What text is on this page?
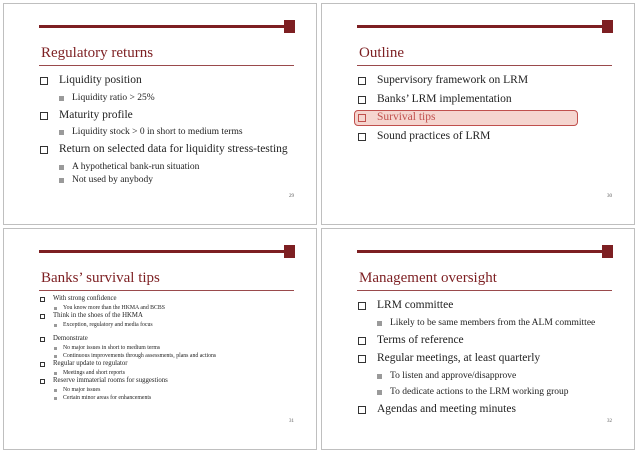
Regulatory returns
Liquidity position
Liquidity ratio > 25%
Maturity profile
Liquidity stock > 0 in short to medium terms
Return on selected data for liquidity stress-testing
A hypothetical bank-run situation
Not used by anybody
29
Outline
Supervisory framework on LRM
Banks’ LRM implementation
Survival tips
Sound practices of LRM
30
Banks’ survival tips
With strong confidence
You know more than the HKMA and BCBS
Think in the shoes of the HKMA
Exception, regulatory and media focus
Demonstrate
No major issues in short to medium terms
Continuous improvements through assessments, plans and actions
Regular update to regulator
Meetings and short reports
Reserve immaterial rooms for suggestions
No major issues
Certain minor areas for enhancements
31
Management oversight
LRM committee
Likely to be same members from the ALM committee
Terms of reference
Regular meetings, at least quarterly
To listen and approve/disapprove
To dedicate actions to the LRM working group
Agendas and meeting minutes
32
